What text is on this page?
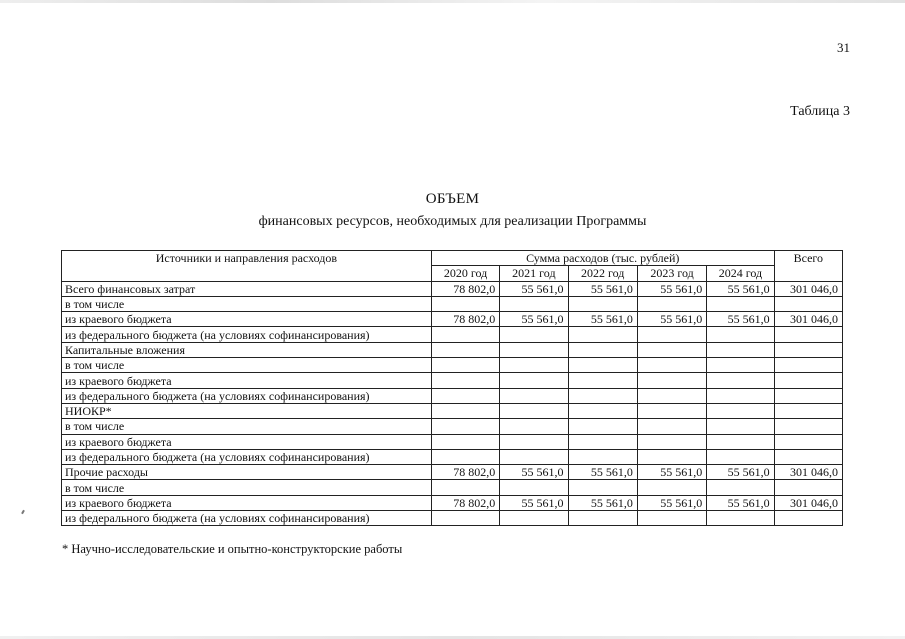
31
Таблица 3
ОБЪЕМ
финансовых ресурсов, необходимых для реализации Программы
Источники и направления расходов	Сумма расходов (тыс. рублей)					Всего
	2020 год	2021 год	2022 год	2023 год	2024 год	
Всего финансовых затрат	78 802,0	55 561,0	55 561,0	55 561,0	55 561,0	301 046,0
в том числе						
из краевого бюджета	78 802,0	55 561,0	55 561,0	55 561,0	55 561,0	301 046,0
из федерального бюджета (на условиях софинансирования)						
Капитальные вложения						
в том числе						
из краевого бюджета						
из федерального бюджета (на условиях софинансирования)						
НИОКР*						
в том числе						
из краевого бюджета						
из федерального бюджета (на условиях софинансирования)						
Прочие расходы	78 802,0	55 561,0	55 561,0	55 561,0	55 561,0	301 046,0
в том числе						
из краевого бюджета	78 802,0	55 561,0	55 561,0	55 561,0	55 561,0	301 046,0
из федерального бюджета (на условиях софинансирования)						
* Научно-исследовательские и опытно-конструкторские работы
